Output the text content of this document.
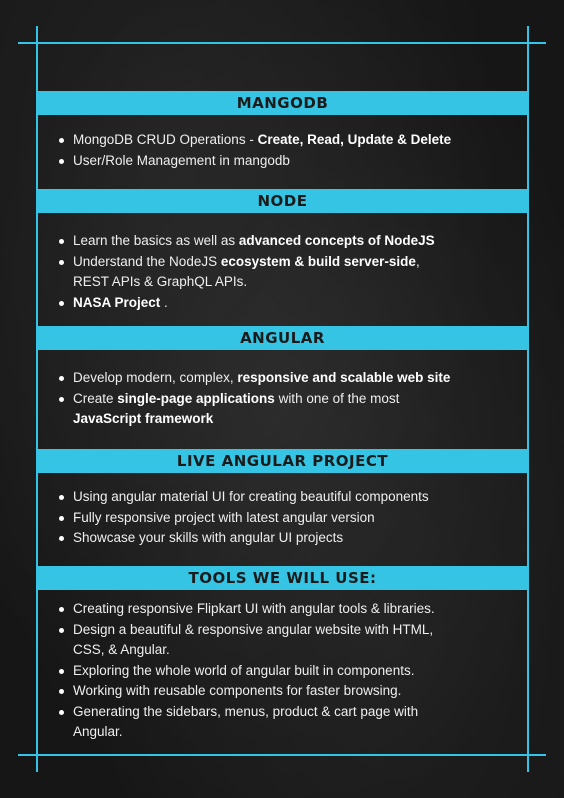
MANGODB
MongoDB CRUD Operations - Create, Read, Update & Delete
User/Role Management in mangodb
NODE
Learn the basics as well as advanced concepts of NodeJS
Understand the NodeJS ecosystem & build server-side,
REST APIs & GraphQL APIs.
NASA Project .
ANGULAR
Develop modern, complex, responsive and scalable web site
Create single-page applications with one of the most
JavaScript framework
LIVE ANGULAR PROJECT
Using angular material UI for creating beautiful components
Fully responsive project with latest angular version
Showcase your skills with angular UI projects
TOOLS WE WILL USE:
Creating responsive Flipkart UI with angular tools & libraries.
Design a beautiful & responsive angular website with HTML,
CSS, & Angular.
Exploring the whole world of angular built in components.
Working with reusable components for faster browsing.
Generating the sidebars, menus, product & cart page with
Angular.
